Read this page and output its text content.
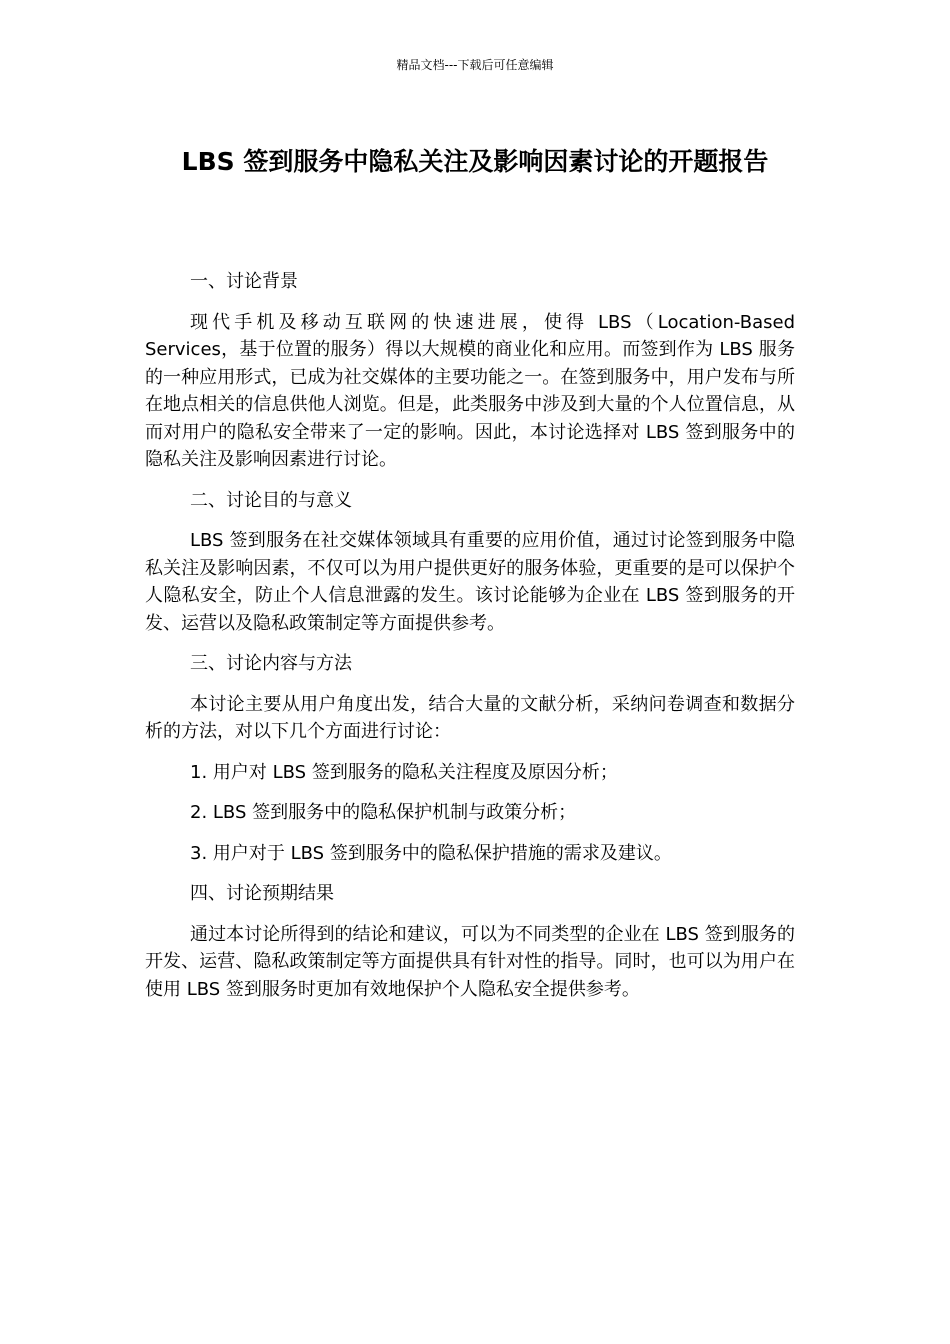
精品文档---下载后可任意编辑
LBS 签到服务中隐私关注及影响因素讨论的开题报告

一、讨论背景

现代手机及移动互联网的快速进展，使得 LBS（Location-Based Services，基于位置的服务）得以大规模的商业化和应用。而签到作为 LBS 服务的一种应用形式，已成为社交媒体的主要功能之一。在签到服务中，用户发布与所在地点相关的信息供他人浏览。但是，此类服务中涉及到大量的个人位置信息，从而对用户的隐私安全带来了一定的影响。因此，本讨论选择对 LBS 签到服务中的隐私关注及影响因素进行讨论。

二、讨论目的与意义

LBS 签到服务在社交媒体领域具有重要的应用价值，通过讨论签到服务中隐私关注及影响因素，不仅可以为用户提供更好的服务体验，更重要的是可以保护个人隐私安全，防止个人信息泄露的发生。该讨论能够为企业在 LBS 签到服务的开发、运营以及隐私政策制定等方面提供参考。

三、讨论内容与方法

本讨论主要从用户角度出发，结合大量的文献分析，采纳问卷调查和数据分析的方法，对以下几个方面进行讨论：

1. 用户对 LBS 签到服务的隐私关注程度及原因分析；

2. LBS 签到服务中的隐私保护机制与政策分析；

3. 用户对于 LBS 签到服务中的隐私保护措施的需求及建议。

四、讨论预期结果

通过本讨论所得到的结论和建议，可以为不同类型的企业在 LBS 签到服务的开发、运营、隐私政策制定等方面提供具有针对性的指导。同时，也可以为用户在使用 LBS 签到服务时更加有效地保护个人隐私安全提供参考。
